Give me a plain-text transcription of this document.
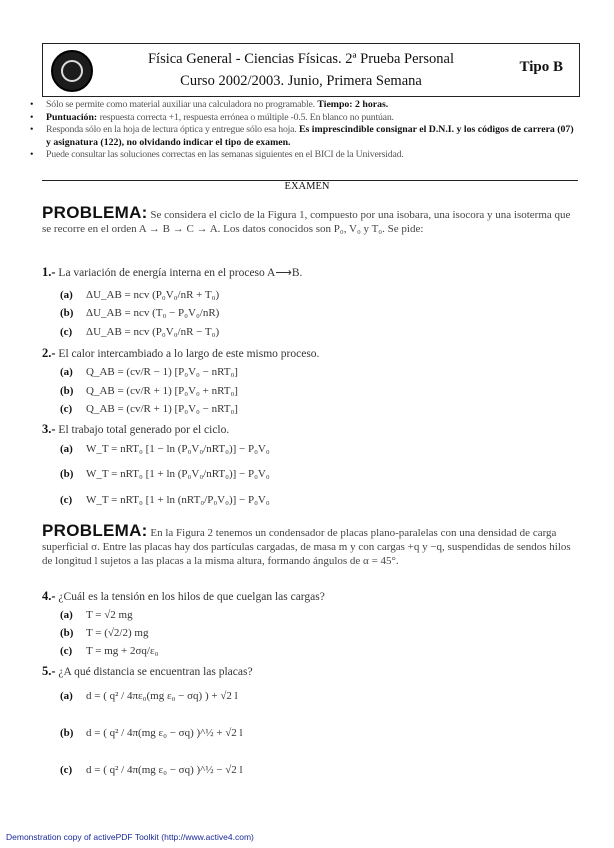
Física General - Ciencias Físicas. 2ª Prueba Personal
Curso 2002/2003. Junio, Primera Semana
Tipo B
•	Sólo se permite como material auxiliar una calculadora no programable. Tiempo: 2 horas.
•	Puntuación: respuesta correcta +1, respuesta errónea o múltiple -0.5. En blanco no puntúan.
•	Responda sólo en la hoja de lectura óptica y entregue sólo esa hoja. Es imprescindible consignar el D.N.I. y los códigos de carrera (07) y asignatura (122), no olvidando indicar el tipo de examen.
•	Puede consultar las soluciones correctas en las semanas siguientes en el BICI de la Universidad.
EXAMEN
PROBLEMA: Se considera el ciclo de la Figura 1, compuesto por una isobara, una isocora y una isoterma que se recorre en el orden A → B → C → A. Los datos conocidos son P₀, V₀ y T₀. Se pide:
1.- La variación de energía interna en el proceso A⟶B.
(a) ΔU_AB = ncv (P₀V₀/nR + T₀)
(b) ΔU_AB = ncv (T₀ − P₀V₀/nR)
(c) ΔU_AB = ncv (P₀V₀/nR − T₀)
2.- El calor intercambiado a lo largo de este mismo proceso.
(a) Q_AB = (cv/R − 1) [P₀V₀ − nRT₀]
(b) Q_AB = (cv/R + 1) [P₀V₀ + nRT₀]
(c) Q_AB = (cv/R + 1) [P₀V₀ − nRT₀]
3.- El trabajo total generado por el ciclo.
(a) W_T = nRT₀ [1 − ln (P₀V₀/nRT₀)] − P₀V₀
(b) W_T = nRT₀ [1 + ln (P₀V₀/nRT₀)] − P₀V₀
(c) W_T = nRT₀ [1 + ln (nRT₀/P₀V₀)] − P₀V₀
PROBLEMA: En la Figura 2 tenemos un condensador de placas plano-paralelas con una densidad de carga superficial σ. Entre las placas hay dos partículas cargadas, de masa m y con cargas +q y −q, suspendidas de sendos hilos de longitud l sujetos a las placas a la misma altura, formando ángulos de α = 45°.
4.- ¿Cuál es la tensión en los hilos de que cuelgan las cargas?
(a) T = √2 mg
(b) T = (√2/2) mg
(c) T = mg + 2σq/ε₀
5.- ¿A qué distancia se encuentran las placas?
(a) d = ( q² / 4πε₀(mg ε₀ − σq) ) + √2 l
(b) d = ( q² / 4π(mg ε₀ − σq) )^½ + √2 l
(c) d = ( q² / 4π(mg ε₀ − σq) )^½ − √2 l
Demonstration copy of activePDF Toolkit (http://www.active4.com)
